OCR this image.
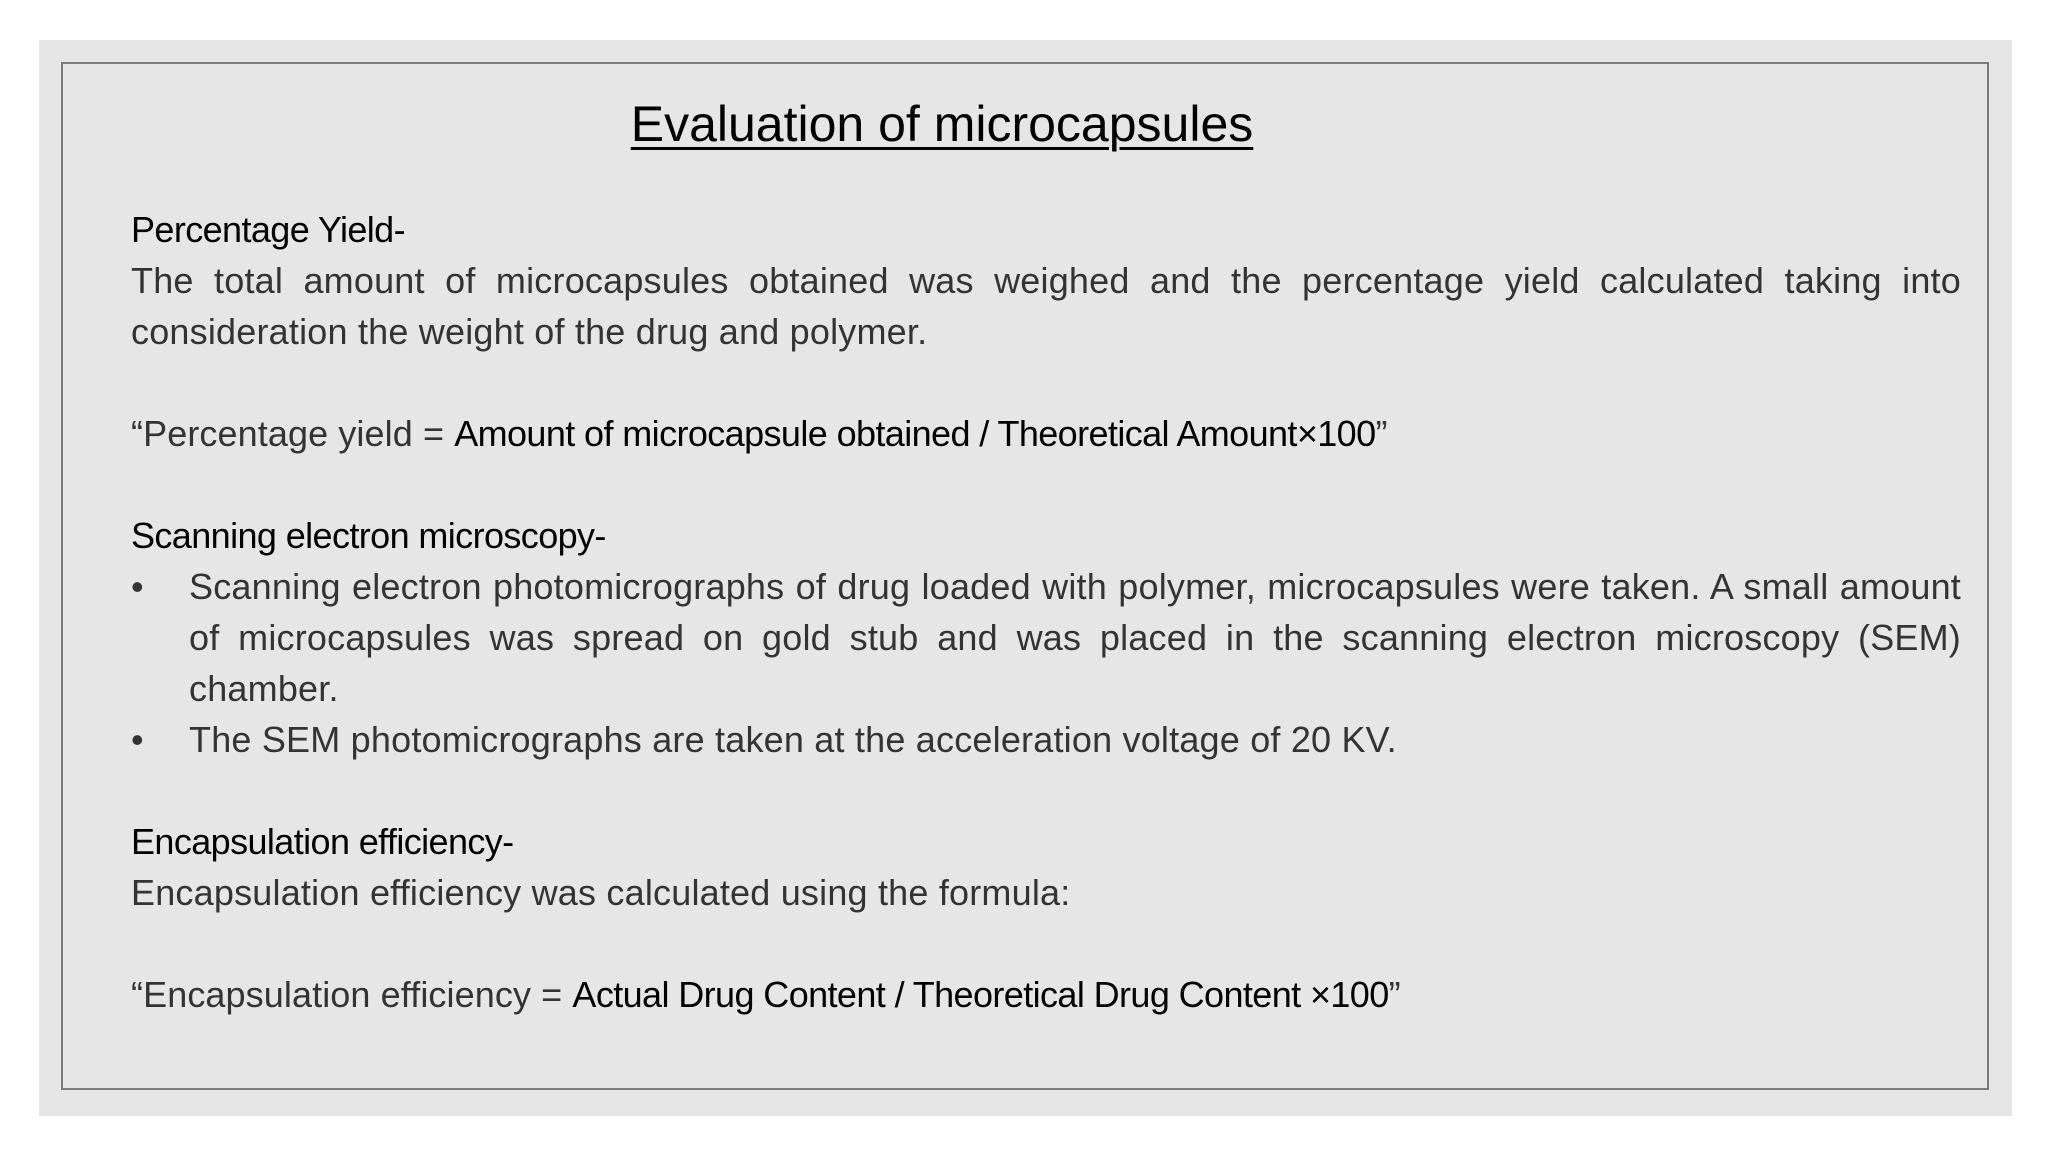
Evaluation of microcapsules

Percentage Yield-

The total amount of microcapsules obtained was weighed and the percentage yield calculated taking into consideration the weight of the drug and polymer.

“Percentage yield = Amount of microcapsule obtained / Theoretical Amount×100”

Scanning electron microscopy-

• Scanning electron photomicrographs of drug loaded with polymer, microcapsules were taken. A small amount of microcapsules was spread on gold stub and was placed in the scanning electron microscopy (SEM) chamber.
• The SEM photomicrographs are taken at the acceleration voltage of 20 KV.

Encapsulation efficiency-

Encapsulation efficiency was calculated using the formula:

“Encapsulation efficiency = Actual Drug Content / Theoretical Drug Content ×100”
